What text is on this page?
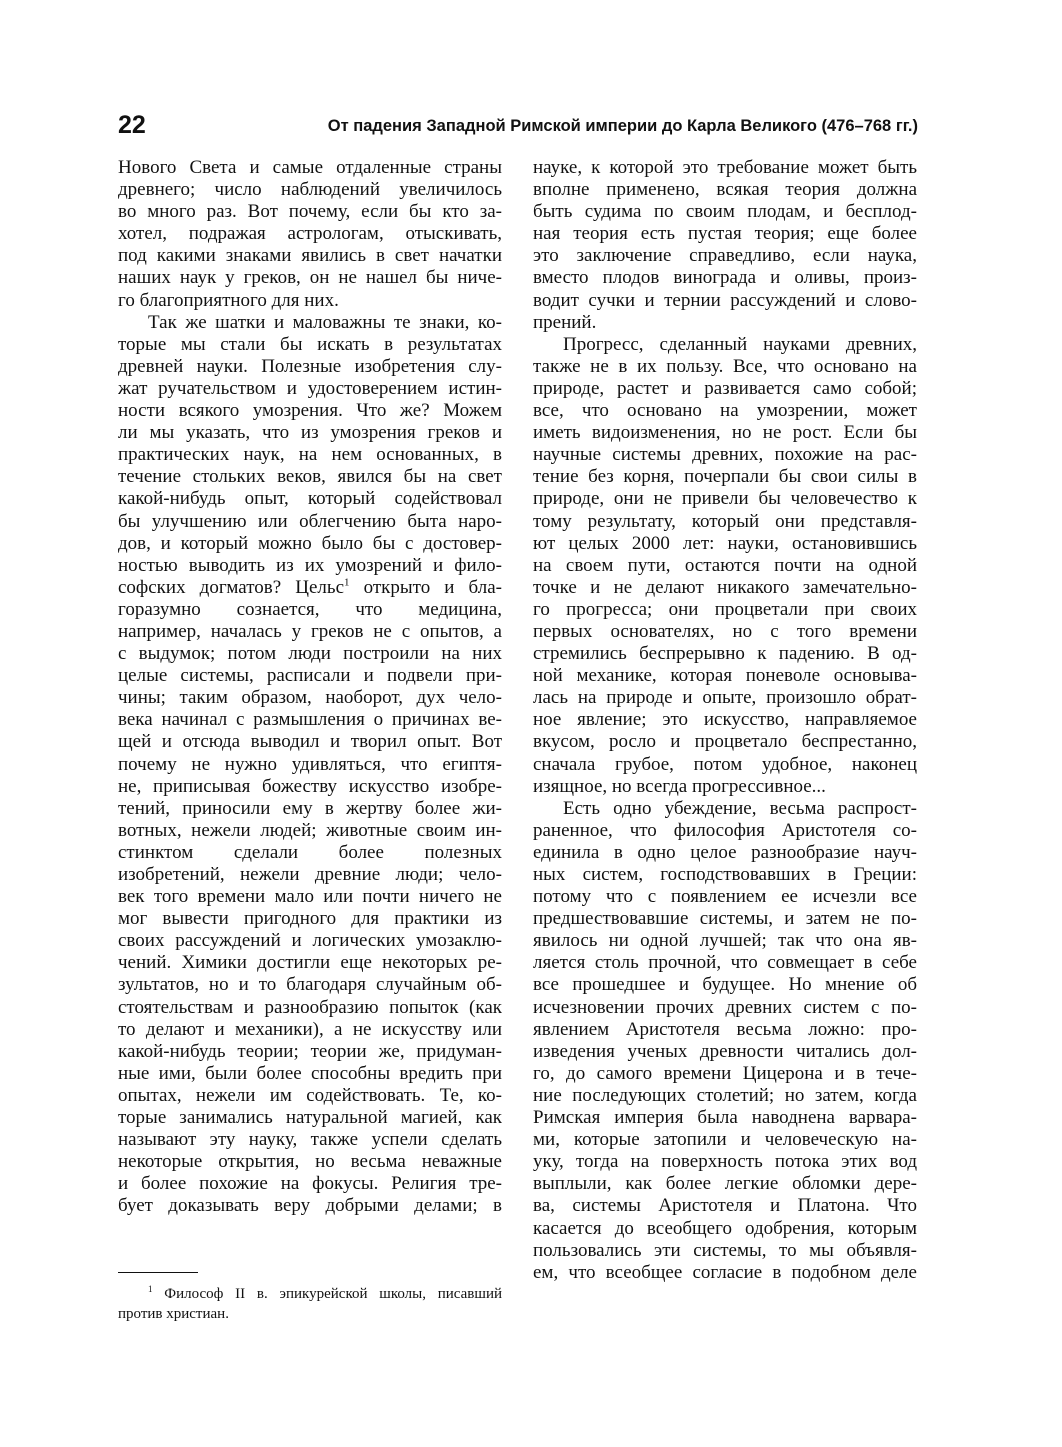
22	От падения Западной Римской империи до Карла Великого (476–768 гг.)
Нового Света и самые отдаленные страны
древнего; число наблюдений увеличилось
во много раз. Вот почему, если бы кто за-
хотел, подражая астрологам, отыскивать,
под какими знаками явились в свет начатки
наших наук у греков, он не нашел бы ниче-
го благоприятного для них.
Так же шатки и маловажны те знаки, ко-
торые мы стали бы искать в результатах
древней науки. Полезные изобретения слу-
жат ручательством и удостоверением истин-
ности всякого умозрения. Что же? Можем
ли мы указать, что из умозрения греков и
практических наук, на нем основанных, в
течение стольких веков, явился бы на свет
какой-нибудь опыт, который содействовал
бы улучшению или облегчению быта наро-
дов, и который можно было бы с достовер-
ностью выводить из их умозрений и фило-
софских догматов? Цельс$^1$ открыто и бла-
горазумно сознается, что медицина,
например, началась у греков не с опытов, а
с выдумок; потом люди построили на них
целые системы, расписали и подвели при-
чины; таким образом, наоборот, дух чело-
века начинал с размышления о причинах ве-
щей и отсюда выводил и творил опыт. Вот
почему не нужно удивляться, что египтя-
не, приписывая божеству искусство изобре-
тений, приносили ему в жертву более жи-
вотных, нежели людей; животные своим ин-
стинктом сделали более полезных
изобретений, нежели древние люди; чело-
век того времени мало или почти ничего не
мог вывести пригодного для практики из
своих рассуждений и логических умозаклю-
чений. Химики достигли еще некоторых ре-
зультатов, но и то благодаря случайным об-
стоятельствам и разнообразию попыток (как
то делают и механики), а не искусству или
какой-нибудь теории; теории же, придуман-
ные ими, были более способны вредить при
опытах, нежели им содействовать. Те, ко-
торые занимались натуральной магией, как
называют эту науку, также успели сделать
некоторые открытия, но весьма неважные
и более похожие на фокусы. Религия тре-
бует доказывать веру добрыми делами; в
науке, к которой это требование может быть
вполне применено, всякая теория должна
быть судима по своим плодам, и бесплод-
ная теория есть пустая теория; еще более
это заключение справедливо, если наука,
вместо плодов винограда и оливы, произ-
водит сучки и тернии рассуждений и слово-
прений.
Прогресс, сделанный науками древних,
также не в их пользу. Все, что основано на
природе, растет и развивается само собой;
все, что основано на умозрении, может
иметь видоизменения, но не рост. Если бы
научные системы древних, похожие на рас-
тение без корня, почерпали бы свои силы в
природе, они не привели бы человечество к
тому результату, который они представля-
ют целых 2000 лет: науки, остановившись
на своем пути, остаются почти на одной
точке и не делают никакого замечательно-
го прогресса; они процветали при своих
первых основателях, но с того времени
стремились беспрерывно к падению. В од-
ной механике, которая поневоле основыва-
лась на природе и опыте, произошло обрат-
ное явление; это искусство, направляемое
вкусом, росло и процветало беспрестанно,
сначала грубое, потом удобное, наконец
изящное, но всегда прогрессивное...
Есть одно убеждение, весьма распрост-
раненное, что философия Аристотеля со-
единила в одно целое разнообразие науч-
ных систем, господствовавших в Греции:
потому что с появлением ее исчезли все
предшествовавшие системы, и затем не по-
явилось ни одной лучшей; так что она яв-
ляется столь прочной, что совмещает в себе
все прошедшее и будущее. Но мнение об
исчезновении прочих древних систем с по-
явлением Аристотеля весьма ложно: про-
изведения ученых древности читались дол-
го, до самого времени Цицерона и в тече-
ние последующих столетий; но затем, когда
Римская империя была наводнена варвара-
ми, которые затопили и человеческую на-
уку, тогда на поверхность потока этих вод
выплыли, как более легкие обломки дере-
ва, системы Аристотеля и Платона. Что
касается до всеобщего одобрения, которым
пользовались эти системы, то мы объявля-
ем, что всеобщее согласие в подобном деле
$^1$ Философ II в. эпикурейской школы, писавший
против христиан.
